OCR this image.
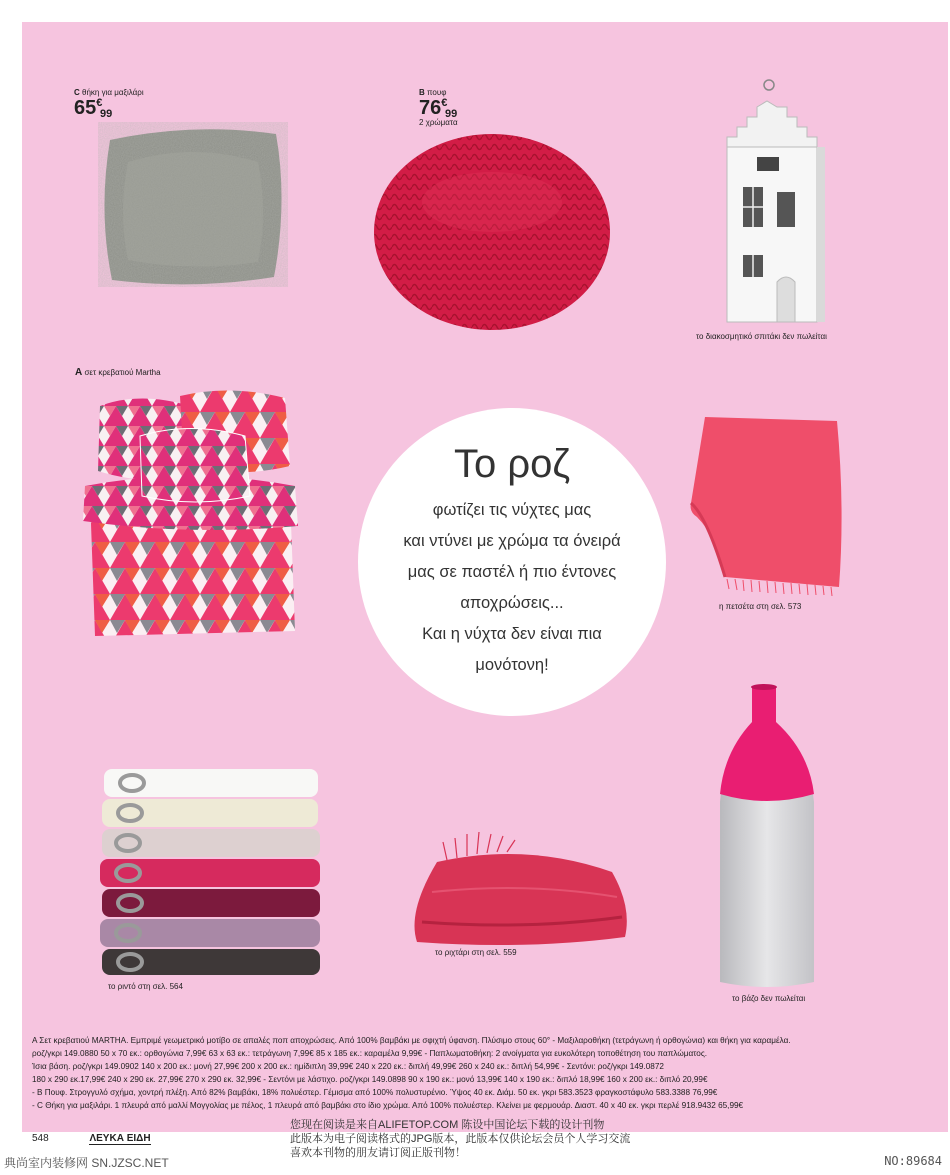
C θήκη για μαξιλάρι
65€

99
B πουφ
76€
99
2 χρώματα
το διακοσμητικό σπιτάκι δεν πωλείται
A σετ κρεβατιού Martha
Το ροζ
φωτίζει τις νύχτες μας
και ντύνει με χρώμα τα όνειρά
μας σε παστέλ ή πιο έντονες
αποχρώσεις...
Και η νύχτα δεν είναι πια
μονότονη!
η πετσέτα στη σελ. 573
το ριντό στη σελ. 564
το ριχτάρι στη σελ. 559
το βάζο δεν πωλείται
A Σετ κρεβατιού MARTHA. Εμπριμέ γεωμετρικό μοτίβο σε απαλές ποπ αποχρώσεις. Από 100% βαμβάκι με σφιχτή ύφανση. Πλύσιμο στους 60° - Μαξιλαροθήκη (τετράγωνη ή ορθογώνια) και θήκη για καραμέλα.
ροζ/γκρι 149.0880 50 x 70 εκ.: ορθογώνια 7,99€ 63 x 63 εκ.: τετράγωνη 7,99€ 85 x 185 εκ.: καραμέλα 9,99€ - Παπλωματοθήκη: 2 ανοίγματα για ευκολότερη τοποθέτηση του παπλώματος.
Ίσια βάση. ροζ/γκρι 149.0902 140 x 200 εκ.: μονή 27,99€ 200 x 200 εκ.: ημίδιπλη 39,99€ 240 x 220 εκ.: διπλή 49,99€ 260 x 240 εκ.: διπλή 54,99€ - Σεντόνι: ροζ/γκρι 149.0872
180 x 290 εκ.17,99€ 240 x 290 εκ. 27,99€ 270 x 290 εκ. 32,99€ - Σεντόνι με λάστιχο. ροζ/γκρι 149.0898 90 x 190 εκ.: μονό 13,99€ 140 x 190 εκ.: διπλό 18,99€ 160 x 200 εκ.: διπλό 20,99€
- B Πουφ. Στρογγυλό σχήμα, χοντρή πλέξη. Από 82% βαμβάκι, 18% πολυέστερ. Γέμισμα από 100% πολυστυρένιο. Ύψος 40 εκ. Διάμ. 50 εκ. γκρι 583.3523 φραγκοστάφυλο 583.3388 76,99€
- C Θήκη για μαξιλάρι. 1 πλευρά από μαλλί Μογγολίας με πέλος, 1 πλευρά από βαμβάκι στο ίδιο χρώμα. Από 100% πολυέστερ. Κλείνει με φερμουάρ. Διαστ. 40 x 40 εκ. γκρι περλέ 918.9432 65,99€
548	ΛΕΥΚΑ ΕΙΔΗ
您现在阅读是来自ALIFETOP.COM 陈设中国论坛下载的设计刊物
此版本为电子阅读格式的JPG版本，此版本仅供论坛会员个人学习交流
喜欢本刊物的朋友请订阅正版刊物！
典尚室内装修网 SN.JZSC.NET	NO:89684
